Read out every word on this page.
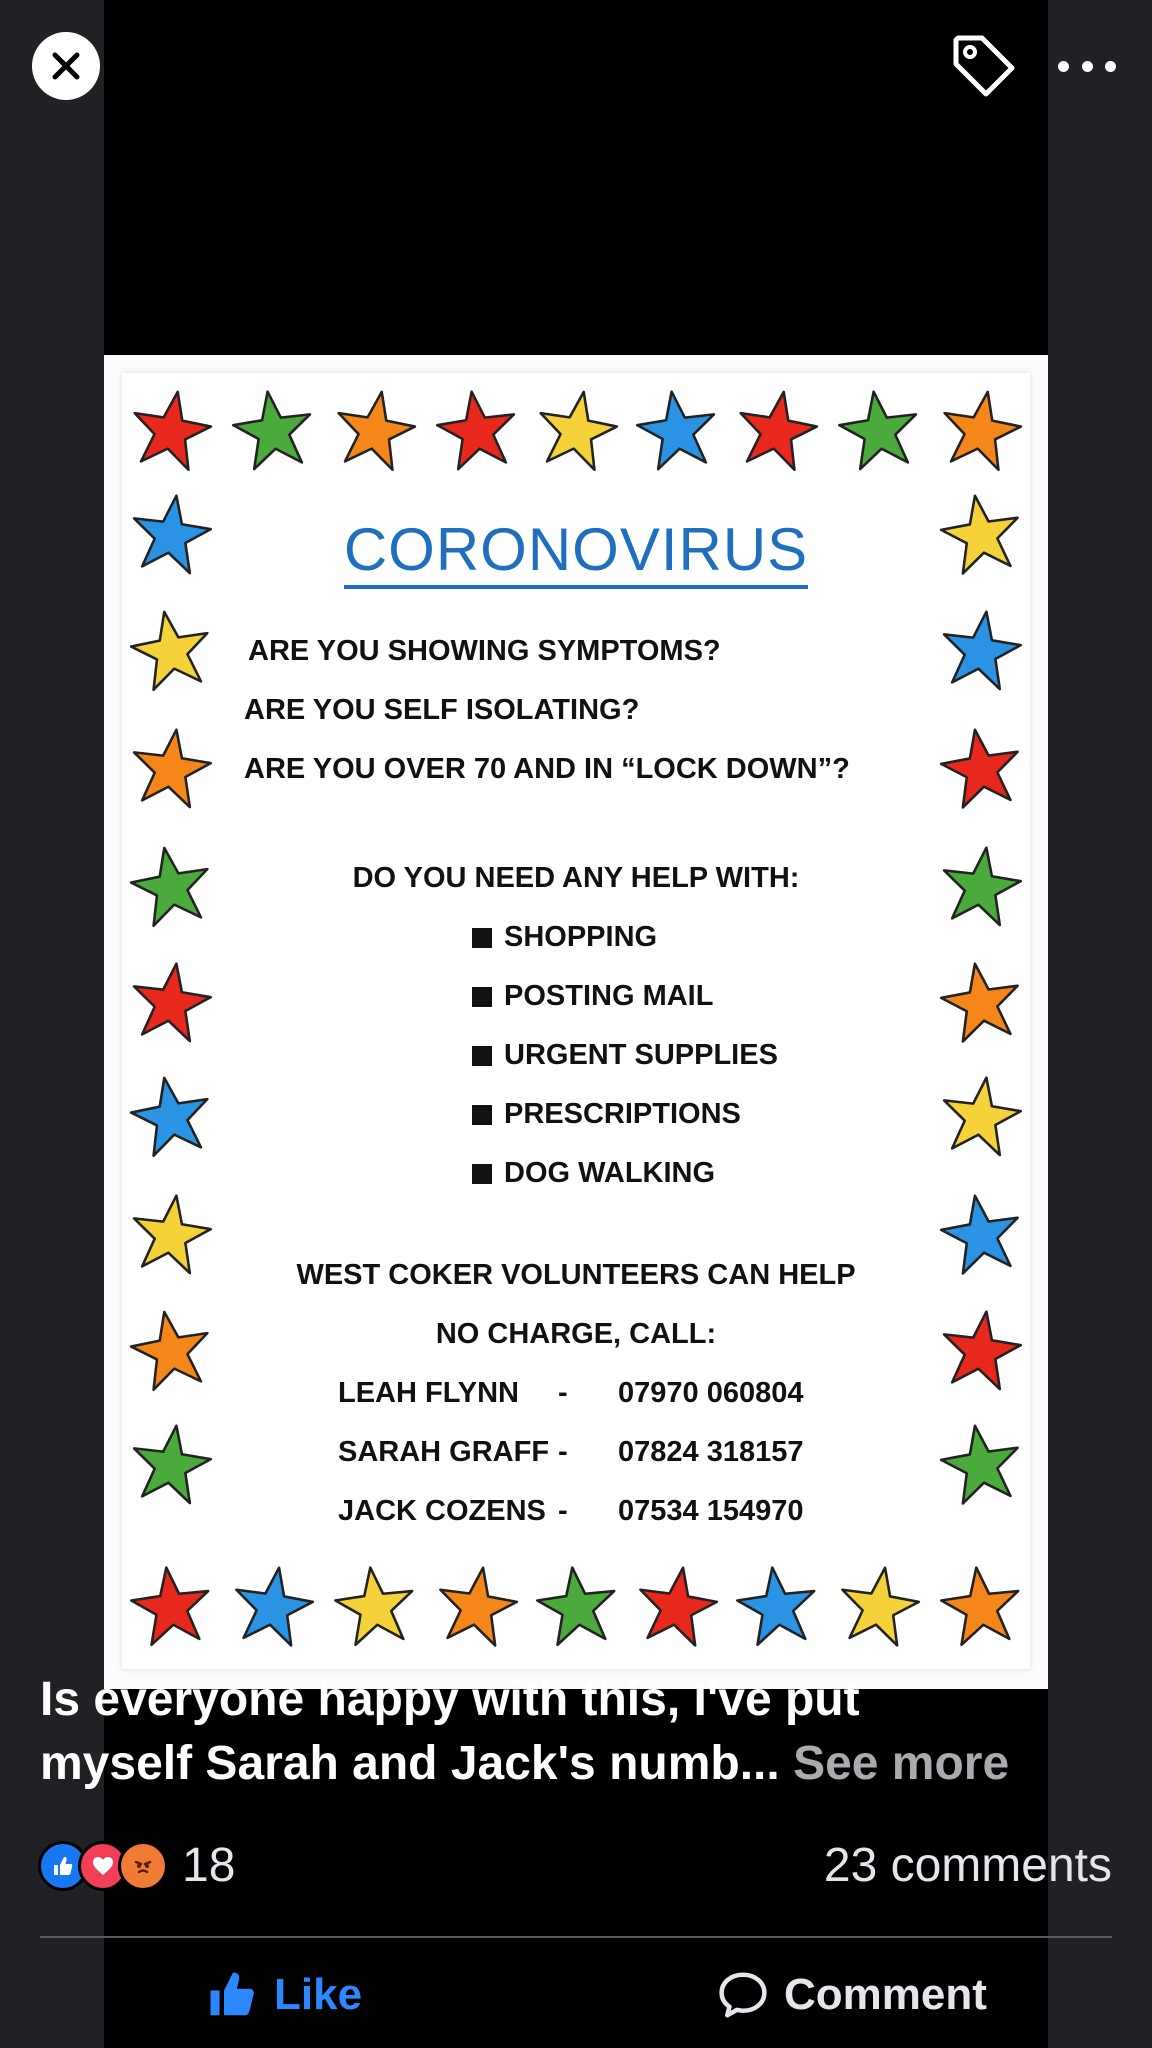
CORONOVIRUS
ARE YOU SHOWING SYMPTOMS?
ARE YOU SELF ISOLATING?
ARE YOU OVER 70 AND IN “LOCK DOWN”?
DO YOU NEED ANY HELP WITH:
SHOPPING
POSTING MAIL
URGENT SUPPLIES
PRESCRIPTIONS
DOG WALKING
WEST COKER VOLUNTEERS CAN HELP
NO CHARGE, CALL:
LEAH FLYNN - 07970 060804
SARAH GRAFF - 07824 318157
JACK COZENS - 07534 154970
Is everyone happy with this, I've put
myself Sarah and Jack's numb... See more
18	23 comments
Like	Comment
